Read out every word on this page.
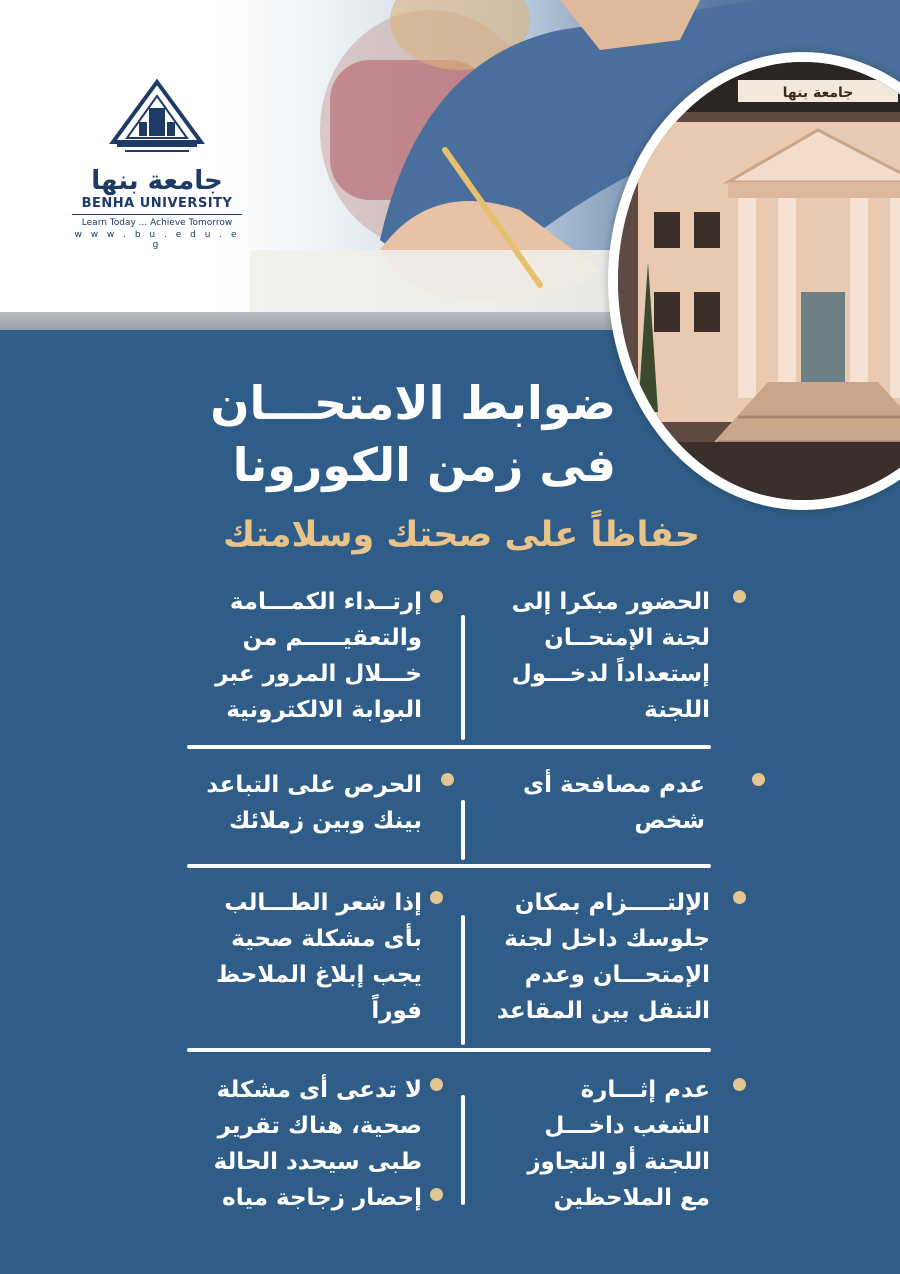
جامعة بنها
BENHA UNIVERSITY
Learn Today ... Achieve Tomorrow
w w w . b u . e d u . e g
جامعة بنها
ضوابط الامتحـــان
فى زمن الكورونا
حفاظاً على صحتك وسلامتك
الحضور مبكرا إلى لجنة الإمتحــان إستعداداً لدخـــول اللجنة
إرتــداء الكمـــامة والتعقيـــــم من خـــلال المرور عبر البوابة الالكترونية
عدم مصافحة أى شخص
الحرص على التباعد بينك وبين زملائك
الإلتـــــزام بمكان جلوسك داخل لجنة الإمتحـــان وعدم التنقل بين المقاعد
إذا شعر الطـــالب بأى مشكلة صحية يجب إبلاغ الملاحظ فوراً
عدم إثـــارة الشغب داخـــل اللجنة أو التجاوز مع الملاحظين
لا تدعى أى مشكلة صحية، هناك تقرير طبى سيحدد الحالة
إحضار زجاجة مياه
